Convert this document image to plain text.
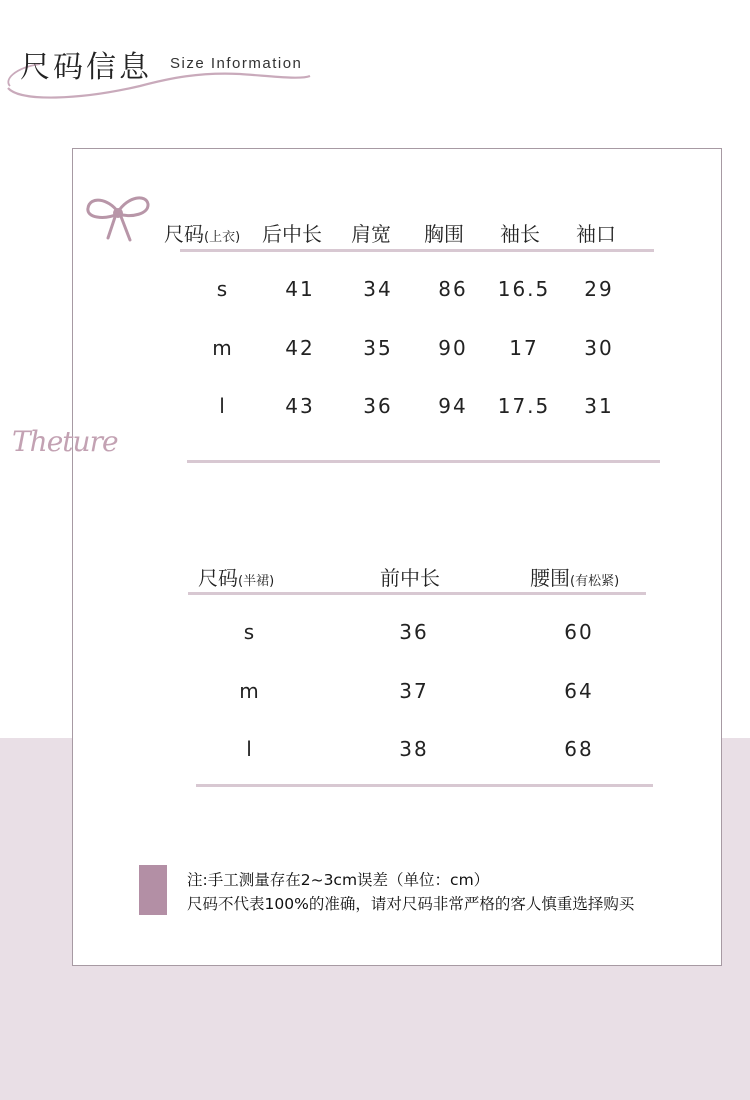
尺码信息 Size Information
Theture
尺码(上衣) 后中长 肩宽 胸围 袖长 袖口
s	41 34 86 16.5 29
m	42 35 90 17 30
l	43 36 94 17.5 31
尺码(半裙)	前中长	腰围(有松紧)
s	36	60
m	37	64
l	38	68
注:手工测量存在2~3cm误差（单位：cm）
尺码不代表100%的准确，请对尺码非常严格的客人慎重选择购买
